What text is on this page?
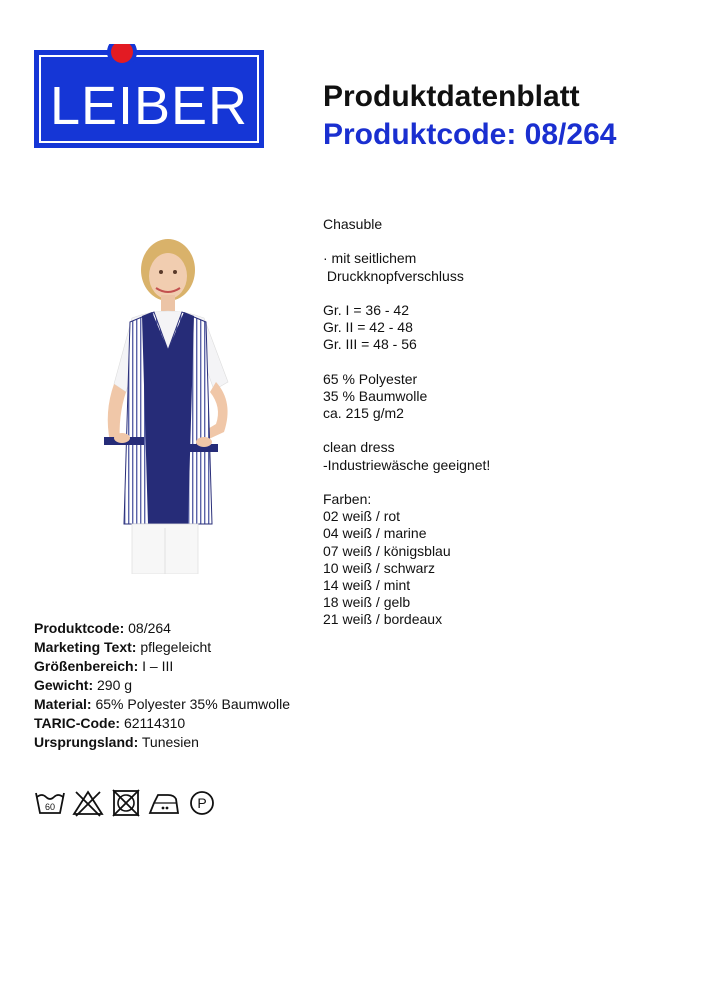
LEIBER Produktdatenblatt
Produktcode: 08/264
Chasuble
· mit seitlichem
Druckknopfverschluss
Gr. I = 36 - 42
Gr. II = 42 - 48
Gr. III = 48 - 56
65 % Polyester
35 % Baumwolle
ca. 215 g/m2
clean dress
-Industriewäsche geeignet!
Farben:
02 weiß / rot
04 weiß / marine
07 weiß / königsblau
10 weiß / schwarz
14 weiß / mint
18 weiß / gelb
21 weiß / bordeaux
Produktcode: 08/264
Marketing Text: pflegeleicht
Größenbereich: I – III
Gewicht: 290 g
Material: 65% Polyester 35% Baumwolle
TARIC-Code: 62114310
Ursprungsland: Tunesien
60	P
